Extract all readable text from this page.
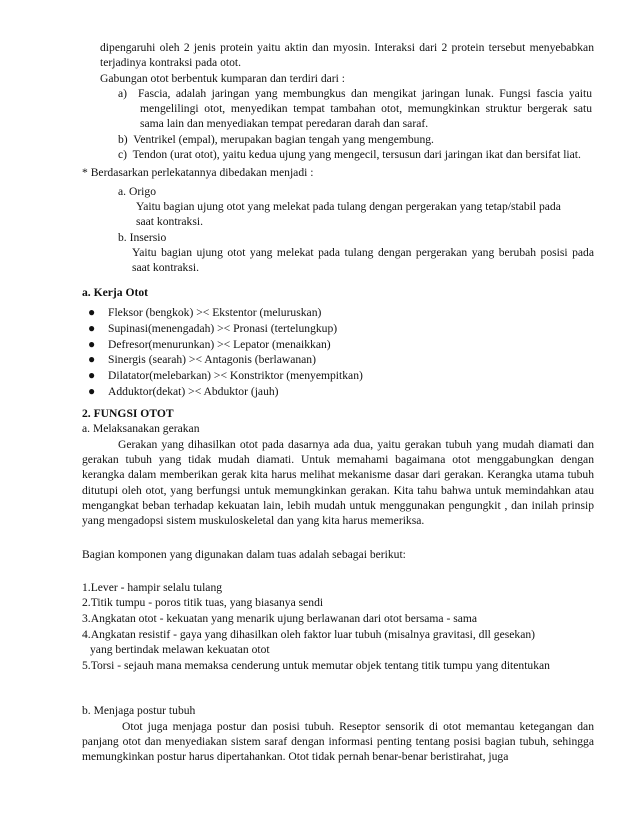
dipengaruhi oleh 2 jenis protein yaitu aktin dan myosin. Interaksi dari 2 protein tersebut menyebabkan terjadinya kontraksi pada otot.

Gabungan otot berbentuk kumparan dan terdiri dari :

a) Fascia, adalah jaringan yang membungkus dan mengikat jaringan lunak. Fungsi fascia yaitu mengelilingi otot, menyedikan tempat tambahan otot, memungkinkan struktur bergerak satu sama lain dan menyediakan tempat peredaran darah dan saraf.

b) Ventrikel (empal), merupakan bagian tengah yang mengembung.

c) Tendon (urat otot), yaitu kedua ujung yang mengecil, tersusun dari jaringan ikat dan bersifat liat.

* Berdasarkan perlekatannya dibedakan menjadi :

a. Origo

Yaitu bagian ujung otot yang melekat pada tulang dengan pergerakan yang tetap/stabil pada saat kontraksi.

b. Insersio

Yaitu bagian ujung otot yang melekat pada tulang dengan pergerakan yang berubah posisi pada saat kontraksi.

a. Kerja Otot

● Fleksor (bengkok) >< Ekstentor (meluruskan)
● Supinasi(menengadah) >< Pronasi (tertelungkup)
● Defresor(menurunkan) >< Lepator (menaikkan)
● Sinergis (searah) >< Antagonis (berlawanan)
● Dilatator(melebarkan) >< Konstriktor (menyempitkan)
● Adduktor(dekat) >< Abduktor (jauh)

2. FUNGSI OTOT

a. Melaksanakan gerakan

Gerakan yang dihasilkan otot pada dasarnya ada dua, yaitu gerakan tubuh yang mudah diamati dan gerakan tubuh yang tidak mudah diamati. Untuk memahami bagaimana otot menggabungkan dengan kerangka dalam memberikan gerak kita harus melihat mekanisme dasar dari gerakan. Kerangka utama tubuh ditutupi oleh otot, yang berfungsi untuk memungkinkan gerakan. Kita tahu bahwa untuk memindahkan atau mengangkat beban terhadap kekuatan lain, lebih mudah untuk menggunakan pengungkit , dan inilah prinsip yang mengadopsi sistem muskuloskeletal dan yang kita harus memeriksa.

Bagian komponen yang digunakan dalam tuas adalah sebagai berikut:

1.Lever - hampir selalu tulang

2.Titik tumpu - poros titik tuas, yang biasanya sendi

3.Angkatan otot - kekuatan yang menarik ujung berlawanan dari otot bersama - sama

4.Angkatan resistif - gaya yang dihasilkan oleh faktor luar tubuh (misalnya gravitasi, dll gesekan)

yang bertindak melawan kekuatan otot

5.Torsi - sejauh mana memaksa cenderung untuk memutar objek tentang titik tumpu yang ditentukan

b. Menjaga postur tubuh

Otot juga menjaga postur dan posisi tubuh. Reseptor sensorik di otot memantau ketegangan dan panjang otot dan menyediakan sistem saraf dengan informasi penting tentang posisi bagian tubuh, sehingga memungkinkan postur harus dipertahankan. Otot tidak pernah benar-benar beristirahat, juga
